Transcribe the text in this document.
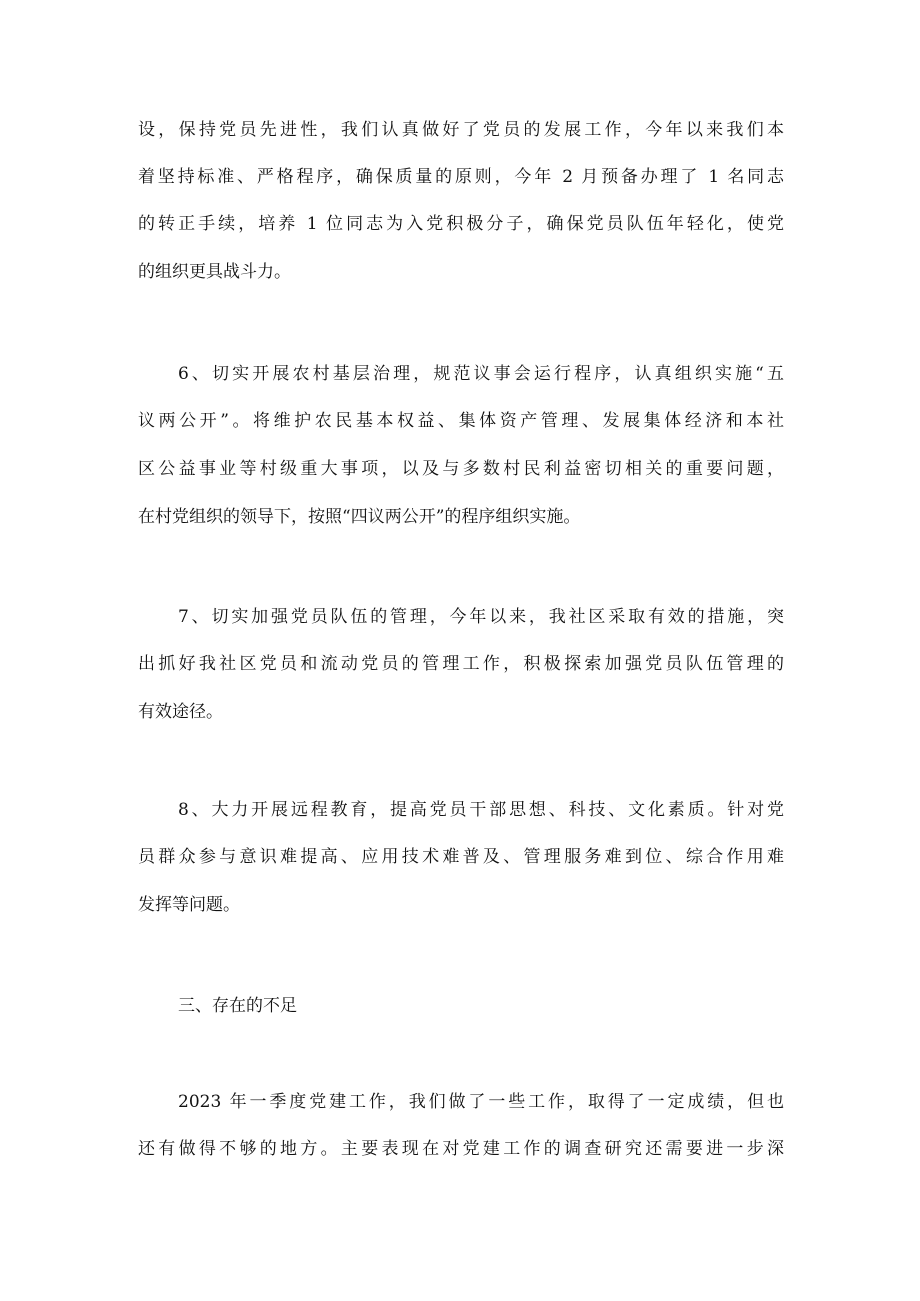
设，保持党员先进性，我们认真做好了党员的发展工作，今年以来我们本

着坚持标准、严格程序，确保质量的原则，今年 2 月预备办理了 1 名同志

的转正手续，培养 1 位同志为入党积极分子，确保党员队伍年轻化，使党

的组织更具战斗力。

6、切实开展农村基层治理，规范议事会运行程序，认真组织实施“五

议两公开”。将维护农民基本权益、集体资产管理、发展集体经济和本社

区公益事业等村级重大事项，以及与多数村民利益密切相关的重要问题，

在村党组织的领导下，按照“四议两公开”的程序组织实施。

7、切实加强党员队伍的管理，今年以来，我社区采取有效的措施，突

出抓好我社区党员和流动党员的管理工作，积极探索加强党员队伍管理的

有效途径。

8、大力开展远程教育，提高党员干部思想、科技、文化素质。针对党

员群众参与意识难提高、应用技术难普及、管理服务难到位、综合作用难

发挥等问题。

三、存在的不足

2023 年一季度党建工作，我们做了一些工作，取得了一定成绩，但也

还有做得不够的地方。主要表现在对党建工作的调查研究还需要进一步深
